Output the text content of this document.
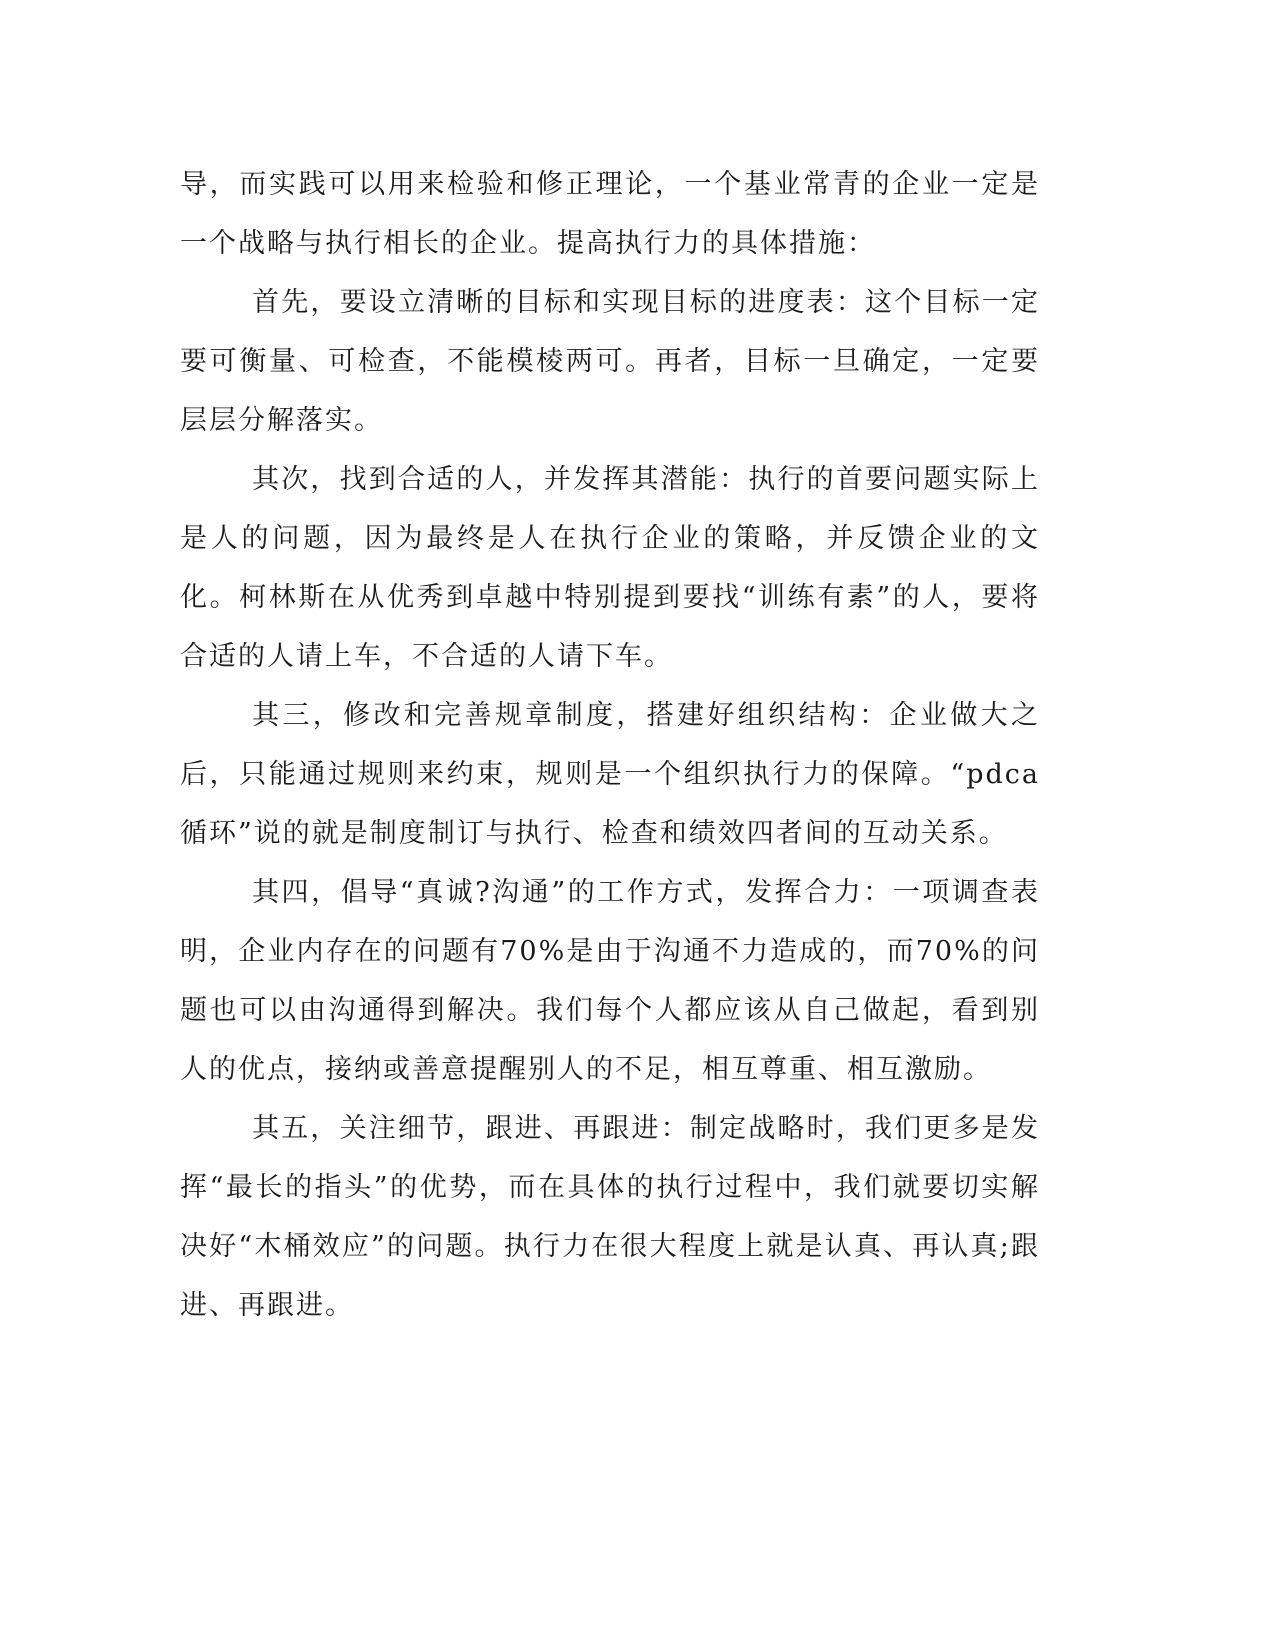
导，而实践可以用来检验和修正理论，一个基业常青的企业一定是一个战略与执行相长的企业。提高执行力的具体措施：

首先，要设立清晰的目标和实现目标的进度表：这个目标一定要可衡量、可检查，不能模棱两可。再者，目标一旦确定，一定要层层分解落实。

其次，找到合适的人，并发挥其潜能：执行的首要问题实际上是人的问题，因为最终是人在执行企业的策略，并反馈企业的文化。柯林斯在从优秀到卓越中特别提到要找“训练有素”的人，要将合适的人请上车，不合适的人请下车。

其三，修改和完善规章制度，搭建好组织结构：企业做大之后，只能通过规则来约束，规则是一个组织执行力的保障。“pdca循环”说的就是制度制订与执行、检查和绩效四者间的互动关系。

其四，倡导“真诚?沟通”的工作方式，发挥合力：一项调查表明，企业内存在的问题有70%是由于沟通不力造成的，而70%的问题也可以由沟通得到解决。我们每个人都应该从自己做起，看到别人的优点，接纳或善意提醒别人的不足，相互尊重、相互激励。

其五，关注细节，跟进、再跟进：制定战略时，我们更多是发挥“最长的指头”的优势，而在具体的执行过程中，我们就要切实解决好“木桶效应”的问题。执行力在很大程度上就是认真、再认真;跟进、再跟进。
